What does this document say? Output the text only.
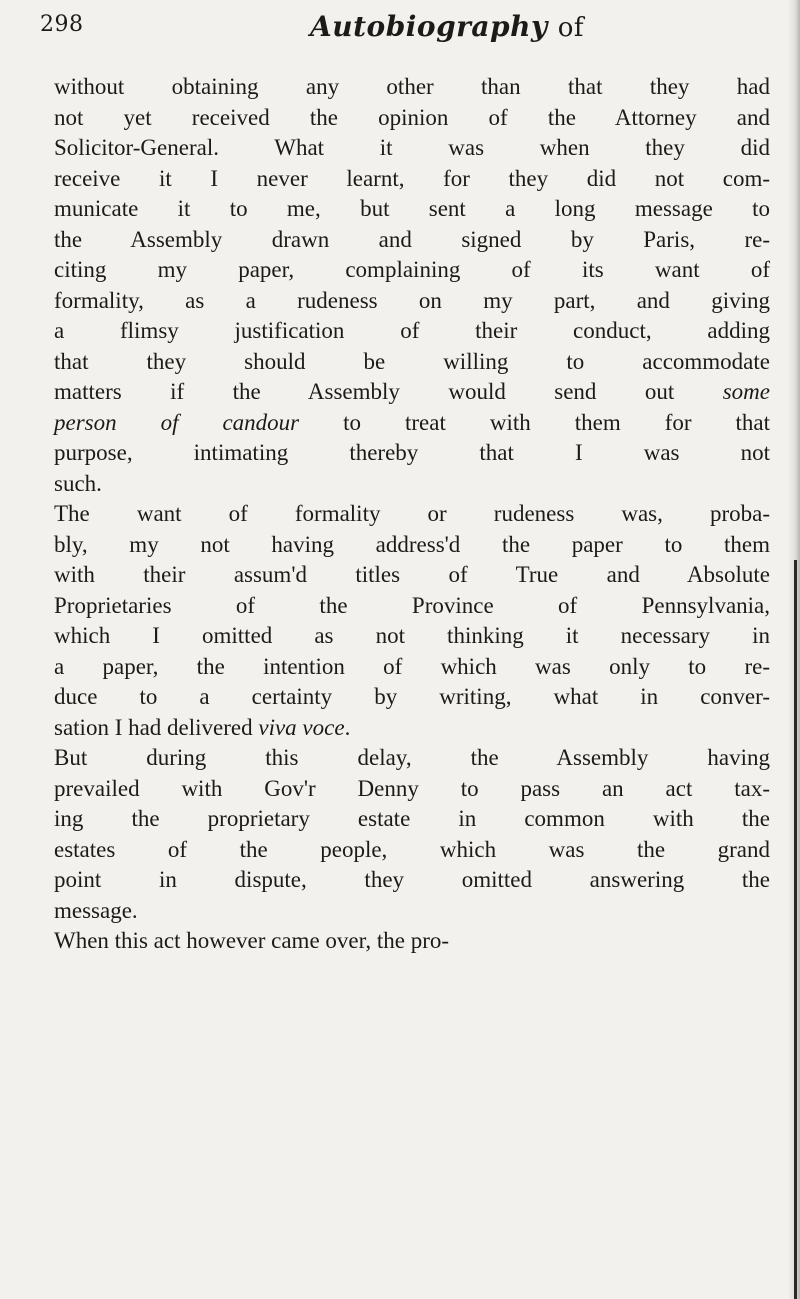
298	Autobiography of
without obtaining any other than that they had
not yet received the opinion of the Attorney and
Solicitor-General. What it was when they did
receive it I never learnt, for they did not com-
municate it to me, but sent a long message to
the Assembly drawn and signed by Paris, re-
citing my paper, complaining of its want of
formality, as a rudeness on my part, and giving
a flimsy justification of their conduct, adding
that they should be willing to accommodate
matters if the Assembly would send out some
person of candour to treat with them for that
purpose, intimating thereby that I was not
such.
The want of formality or rudeness was, proba-
bly, my not having address'd the paper to them
with their assum'd titles of True and Absolute
Proprietaries of the Province of Pennsylvania,
which I omitted as not thinking it necessary in
a paper, the intention of which was only to re-
duce to a certainty by writing, what in conver-
sation I had delivered viva voce.
But during this delay, the Assembly having
prevailed with Gov'r Denny to pass an act tax-
ing the proprietary estate in common with the
estates of the people, which was the grand
point in dispute, they omitted answering the
message.
When this act however came over, the pro-
